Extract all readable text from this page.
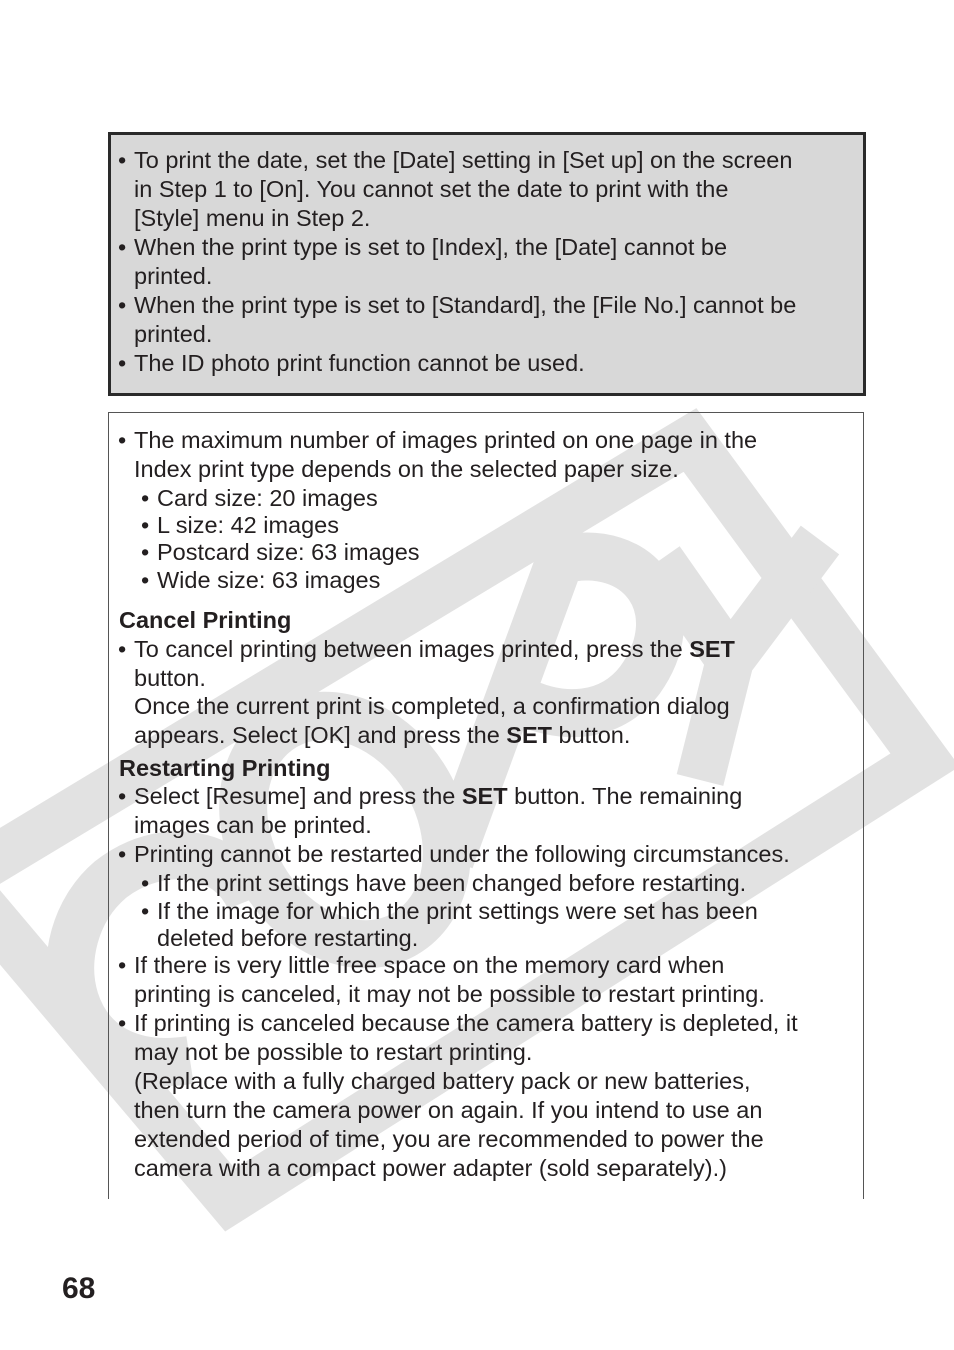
• To print the date, set the [Date] setting in [Set up] on the screen
in Step 1 to [On]. You cannot set the date to print with the
[Style] menu in Step 2.
• When the print type is set to [Index], the [Date] cannot be
printed.
• When the print type is set to [Standard], the [File No.] cannot be
printed.
• The ID photo print function cannot be used.
• The maximum number of images printed on one page in the
Index print type depends on the selected paper size.
• Card size: 20 images
• L size: 42 images
• Postcard size: 63 images
• Wide size: 63 images
Cancel Printing
• To cancel printing between images printed, press the SET
button.
Once the current print is completed, a confirmation dialog
appears. Select [OK] and press the SET button.
Restarting Printing
• Select [Resume] and press the SET button. The remaining
images can be printed.
• Printing cannot be restarted under the following circumstances.
• If the print settings have been changed before restarting.
• If the image for which the print settings were set has been
deleted before restarting.
• If there is very little free space on the memory card when
printing is canceled, it may not be possible to restart printing.
• If printing is canceled because the camera battery is depleted, it
may not be possible to restart printing.
(Replace with a fully charged battery pack or new batteries,
then turn the camera power on again. If you intend to use an
extended period of time, you are recommended to power the
camera with a compact power adapter (sold separately).)
68
